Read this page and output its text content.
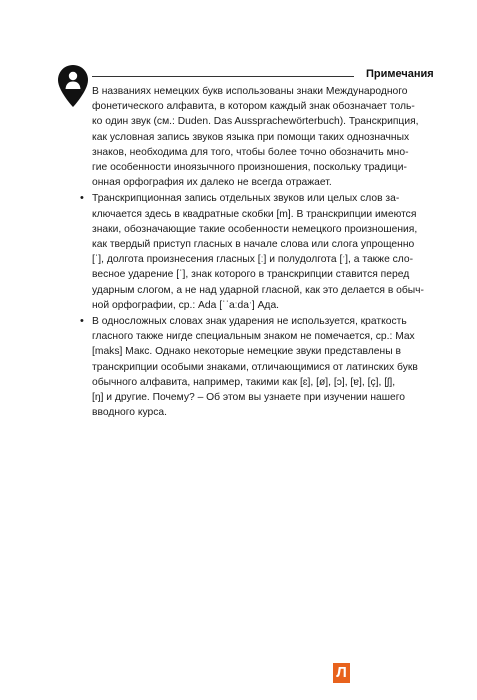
Примечания
• В названиях немецких букв использованы знаки Международного
фонетического алфавита, в котором каждый знак обозначает толь-
ко один звук (см.: Duden. Das Aussprachewörterbuch). Транскрипция,
как условная запись звуков языка при помощи таких однозначных
знаков, необходима для того, чтобы более точно обозначить мно-
гие особенности иноязычного произношения, поскольку традици-
онная орфография их далеко не всегда отражает.
• Транскрипционная запись отдельных звуков или целых слов за-
ключается здесь в квадратные скобки [m]. В транскрипции имеются
знаки, обозначающие такие особенности немецкого произношения,
как твердый приступ гласных в начале слова или слога упрощенно
[ˈ], долгота произнесения гласных [ː] и полудолгота [ˑ], а также сло-
весное ударение [ˈ], знак которого в транскрипции ставится перед
ударным слогом, а не над ударной гласной, как это делается в обыч-
ной орфографии, ср.: Ada [ˈˈaːdaˑ] Ада.
• В односложных словах знак ударения не используется, краткость
гласного также нигде специальным знаком не помечается, ср.: Max
[maks] Макс. Однако некоторые немецкие звуки представлены в
транскрипции особыми знаками, отличающимися от латинских букв
обычного алфавита, например, такими как [ɛ], [ø], [ɔ], [ɐ], [ç], [ʃ],
[ŋ] и другие. Почему? – Об этом вы узнаете при изучении нашего
вводного курса.
Л
